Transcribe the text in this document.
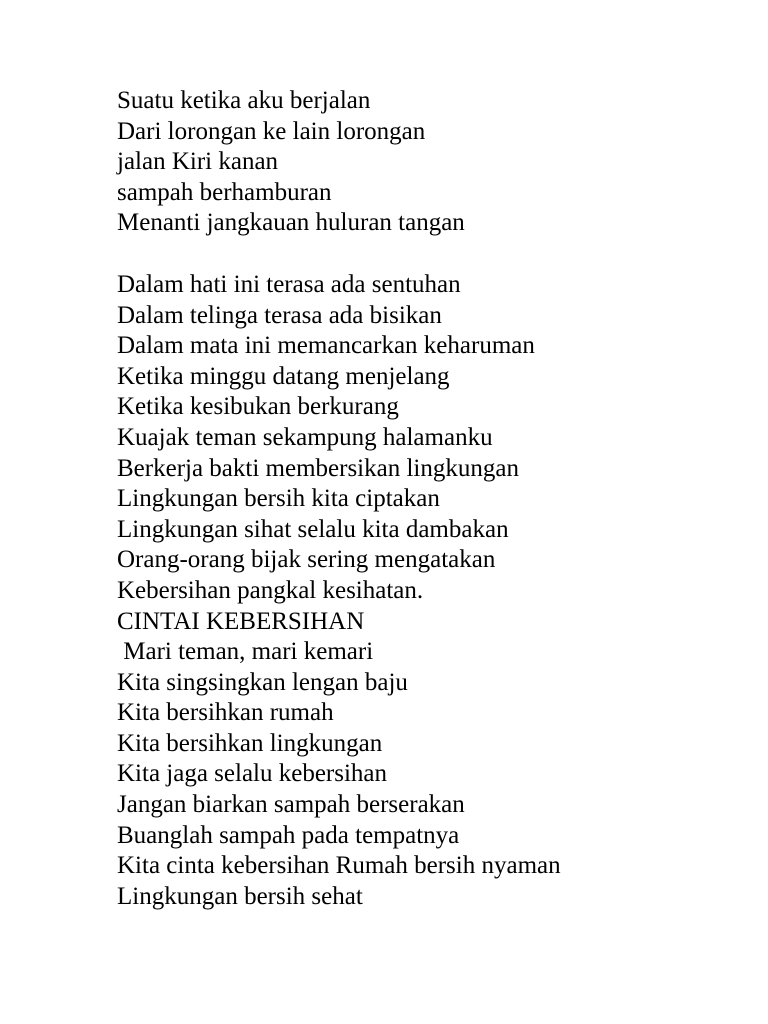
Suatu ketika aku berjalan
Dari lorongan ke lain lorongan
jalan Kiri kanan
sampah berhamburan
Menanti jangkauan huluran tangan
Dalam hati ini terasa ada sentuhan
Dalam telinga terasa ada bisikan
Dalam mata ini memancarkan keharuman
Ketika minggu datang menjelang
Ketika kesibukan berkurang
Kuajak teman sekampung halamanku
Berkerja bakti membersikan lingkungan
Lingkungan bersih kita ciptakan
Lingkungan sihat selalu kita dambakan
Orang-orang bijak sering mengatakan
Kebersihan pangkal kesihatan.
CINTAI KEBERSIHAN
Mari teman, mari kemari
Kita singsingkan lengan baju
Kita bersihkan rumah
Kita bersihkan lingkungan
Kita jaga selalu kebersihan
Jangan biarkan sampah berserakan
Buanglah sampah pada tempatnya
Kita cinta kebersihan Rumah bersih nyaman
Lingkungan bersih sehat
